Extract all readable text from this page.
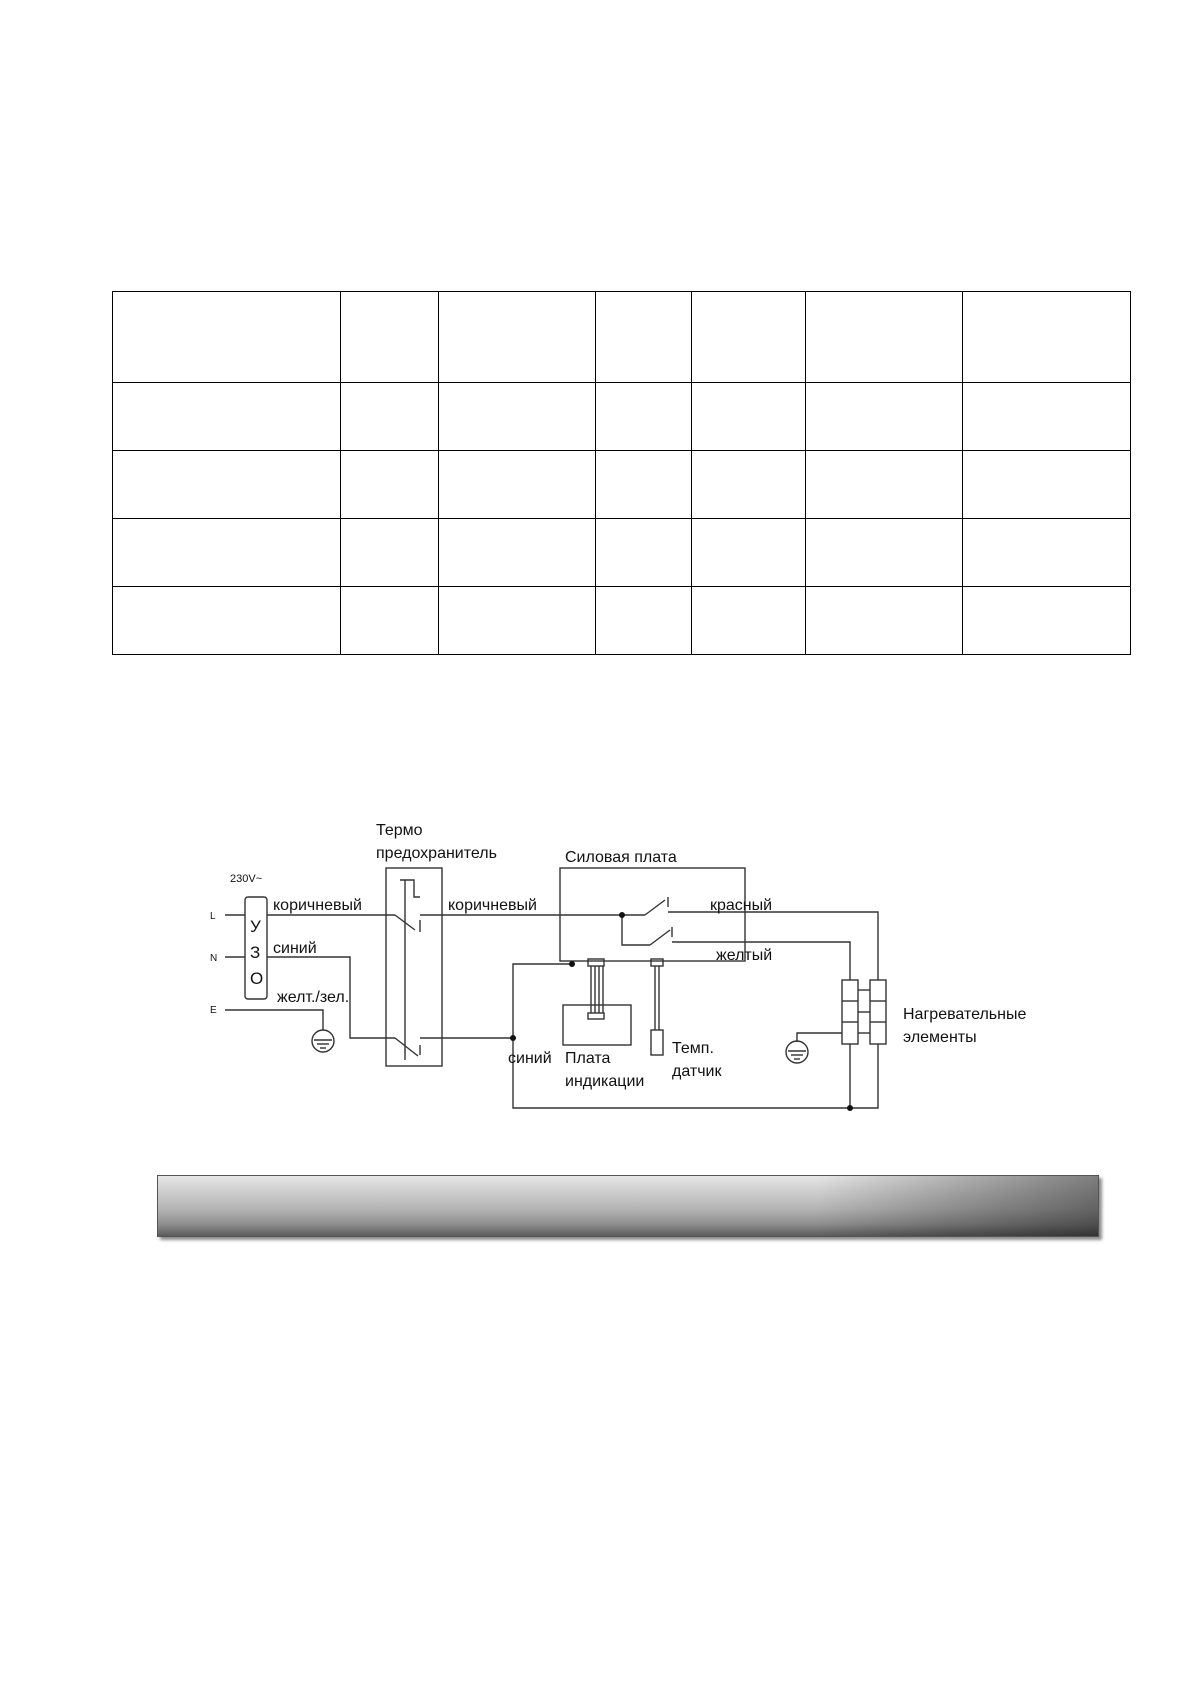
230V~
L
N
E
У
З
О
коричневый
синий
желт./зел.
Термо
предохранитель
коричневый
Силовая плата
красный
желтый
Нагревательные
элементы
синий Плата
индикации
Темп.
датчик
